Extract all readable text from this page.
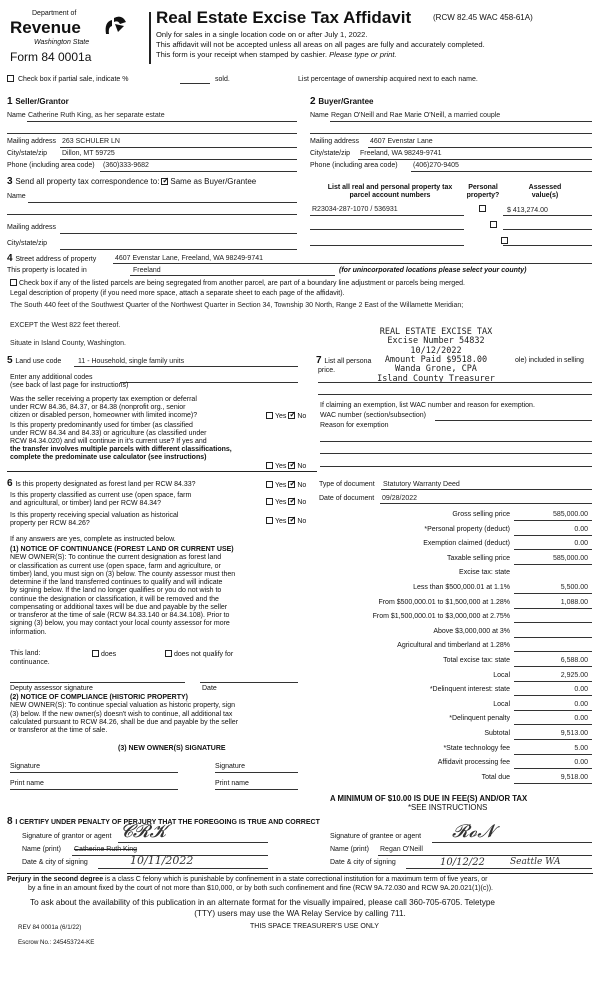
Department of
Revenue
Washington State
Form 84 0001a
Real Estate Excise Tax Affidavit	(RCW 82.45 WAC 458-61A)
Only for sales in a single location code on or after July 1, 2022.
This affidavit will not be accepted unless all areas on all pages are fully and accurately completed.
This form is your receipt when stamped by cashier. Please type or print.
Check box if partial sale, indicate %	sold.	List percentage of ownership acquired next to each name.
1 Seller/Grantor	2 Buyer/Grantee
Name Catherine Ruth King, as her separate estate	Name Regan O'Neill and Rae Marie O'Neill, a married couple
Mailing address 263 SCHULER LN
City/state/zip Dillon, MT 59725
Phone (including area code) (360)333-9682
Mailing address 4607 Evenstar Lane
City/state/zip Freeland, WA 98249-9741
Phone (including area code) (406)270-9405
3 Send all property tax correspondence to: ✓ Same as Buyer/Grantee
Name
Mailing address
City/state/zip
List all real and personal property tax
parcel account numbers
Personal
property?
Assessed
value(s)
R23034-287-1070 / 536931
	$ 413,274.00

4 Street address of property	4607 Evenstar Lane, Freeland, WA 98249-9741
This property is located in	Freeland	(for unincorporated locations please select your county)
Check box if any of the listed parcels are being segregated from another parcel, are part of a boundary line adjustment or parcels being merged.
Legal description of property (if you need more space, attach a separate sheet to each page of the affidavit).
The South 440 feet of the Southwest Quarter of the Northwest Quarter in Section 34, Township 30 North, Range 2 East of the Willamette Meridian;
EXCEPT the West 822 feet thereof.
Situate in Island County, Washington.
REAL ESTATE EXCISE TAX
Excise Number 54832
10/12/2022
Amount Paid $9518.00
Wanda Grone, CPA
Island County Treasurer
5 Land use code 11 - Household, single family units
Enter any additional codes
(see back of last page for instructions)
Was the seller receiving a property tax exemption or deferral
under RCW 84.36, 84.37, or 84.38 (nonprofit org., senior
citizen or disabled person, homeowner with limited income)?	Yes ✓ No
Is this property predominantly used for timber (as classified
under RCW 84.34 and 84.33) or agriculture (as classified under
RCW 84.34.020) and will continue in it's current use? If yes and
the transfer involves multiple parcels with different classifications,
complete the predominate use calculator (see instructions)
Yes ✓ No
7 List all persona	ole) included in selling
price.
If claiming an exemption, list WAC number and reason for exemption.
WAC number (section/subsection)
Reason for exemption
6 Is this property designated as forest land per RCW 84.33?	Yes ✓ No
Is this property classified as current use (open space, farm
and agricultural, or timber) land per RCW 84.34?	Yes ✓ No
Is this property receiving special valuation as historical
property per RCW 84.26?	Yes ✓ No
If any answers are yes, complete as instructed below.
(1) NOTICE OF CONTINUANCE (FOREST LAND OR CURRENT USE)
NEW OWNER(S): To continue the current designation as forest land
or classification as current use (open space, farm and agriculture, or
timber) land, you must sign on (3) below. The county assessor must then
determine if the land transferred continues to qualify and will indicate
by signing below. If the land no longer qualifies or you do not wish to
continue the designation or classification, it will be removed and the
compensating or additional taxes will be due and payable by the seller
or transferor at the time of sale (RCW 84.33.140 or 84.34.108). Prior to
signing (3) below, you may contact your local county assessor for more
information.
This land:	does	does not qualify for
continuance.
Deputy assessor signature	Date
(2) NOTICE OF COMPLIANCE (HISTORIC PROPERTY)
NEW OWNER(S): To continue special valuation as historic property, sign
(3) below. If the new owner(s) doesn't wish to continue, all additional tax
calculated pursuant to RCW 84.26, shall be due and payable by the seller
or transferor at the time of sale.
(3) NEW OWNER(S) SIGNATURE
Signature	Signature
Print name	Print name
Type of document Statutory Warranty Deed
Date of document 09/28/2022
Gross selling price	585,000.00
*Personal property (deduct)	0.00
Exemption claimed (deduct)	0.00
Taxable selling price	585,000.00
Excise tax: state
Less than $500,000.01 at 1.1%	5,500.00
From $500,000.01 to $1,500,000 at 1.28%	1,088.00
From $1,500,000.01 to $3,000,000 at 2.75%
Above $3,000,000 at 3%
Agricultural and timberland at 1.28%
Total excise tax: state	6,588.00
Local	2,925.00
*Delinquent interest: state	0.00
Local	0.00
*Delinquent penalty	0.00
Subtotal	9,513.00
*State technology fee	5.00
Affidavit processing fee	0.00
Total due	9,518.00
A MINIMUM OF $10.00 IS DUE IN FEE(S) AND/OR TAX
*SEE INSTRUCTIONS
8 I CERTIFY UNDER PENALTY OF PERJURY THAT THE FOREGOING IS TRUE AND CORRECT
Signature of grantor or agent 𝓒𝓡𝓚
Name (print) Catherine Ruth King
Date & city of signing	10/11/2022
Signature of grantee or agent 𝓡𝓸𝓝
Name (print) Regan O'Neill
Date & city of signing	10/12/22	Seattle WA
Perjury in the second degree is a class C felony which is punishable by confinement in a state correctional institution for a maximum term of five years, or
by a fine in an amount fixed by the court of not more than $10,000, or by both such confinement and fine (RCW 9A.72.030 and RCW 9A.20.021(1)(c)).
To ask about the availability of this publication in an alternate format for the visually impaired, please call 360-705-6705. Teletype
(TTY) users may use the WA Relay Service by calling 711.
REV 84 0001a (6/1/22)	THIS SPACE TREASURER'S USE ONLY
Escrow No.: 245453724-KE
